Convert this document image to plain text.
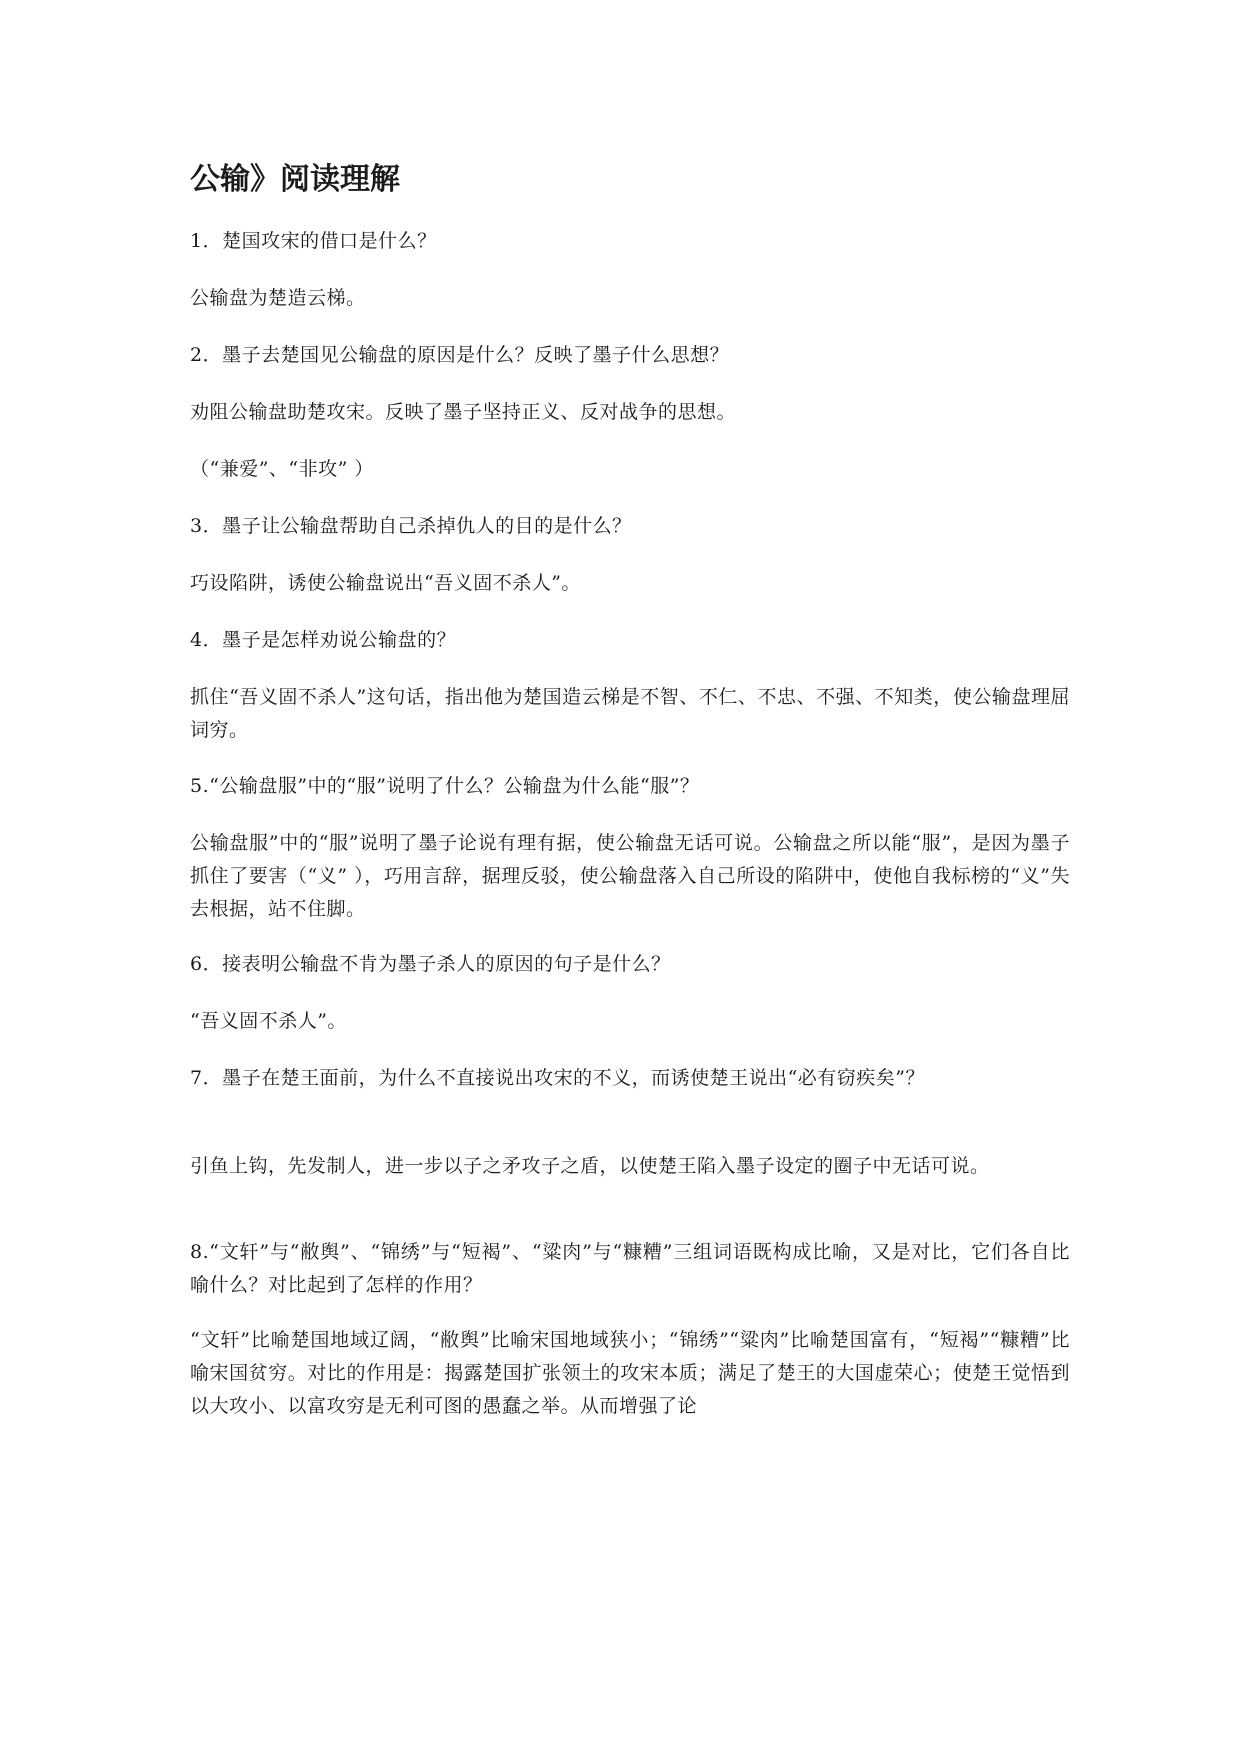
公输》阅读理解
1．楚国攻宋的借口是什么？
公输盘为楚造云梯。
2．墨子去楚国见公输盘的原因是什么？反映了墨子什么思想？
劝阻公输盘助楚攻宋。反映了墨子坚持正义、反对战争的思想。
（“兼爱”、“非攻” ）
3．墨子让公输盘帮助自己杀掉仇人的目的是什么？
巧设陷阱，诱使公输盘说出“吾义固不杀人”。
4．墨子是怎样劝说公输盘的？
抓住“吾义固不杀人”这句话，指出他为楚国造云梯是不智、不仁、不忠、不强、不知类，使公输盘理屈词穷。
5.“公输盘服”中的“服”说明了什么？公输盘为什么能“服”？
公输盘服”中的“服”说明了墨子论说有理有据，使公输盘无话可说。公输盘之所以能“服”，是因为墨子抓住了要害（“义” ），巧用言辞，据理反驳，使公输盘落入自己所设的陷阱中，使他自我标榜的“义”失去根据，站不住脚。
6．接表明公输盘不肯为墨子杀人的原因的句子是什么？
“吾义固不杀人”。
7．墨子在楚王面前，为什么不直接说出攻宋的不义，而诱使楚王说出“必有窃疾矣”？
引鱼上钩，先发制人，进一步以子之矛攻子之盾，以使楚王陷入墨子设定的圈子中无话可说。
8.“文轩”与“敝舆”、“锦绣”与“短褐”、“粱肉”与“糠糟”三组词语既构成比喻，又是对比，它们各自比喻什么？对比起到了怎样的作用？
“文轩”比喻楚国地域辽阔，“敝舆”比喻宋国地域狭小；“锦绣”“粱肉”比喻楚国富有，“短褐”“糠糟”比喻宋国贫穷。对比的作用是：揭露楚国扩张领土的攻宋本质；满足了楚王的大国虚荣心；使楚王觉悟到以大攻小、以富攻穷是无利可图的愚蠢之举。从而增强了论
